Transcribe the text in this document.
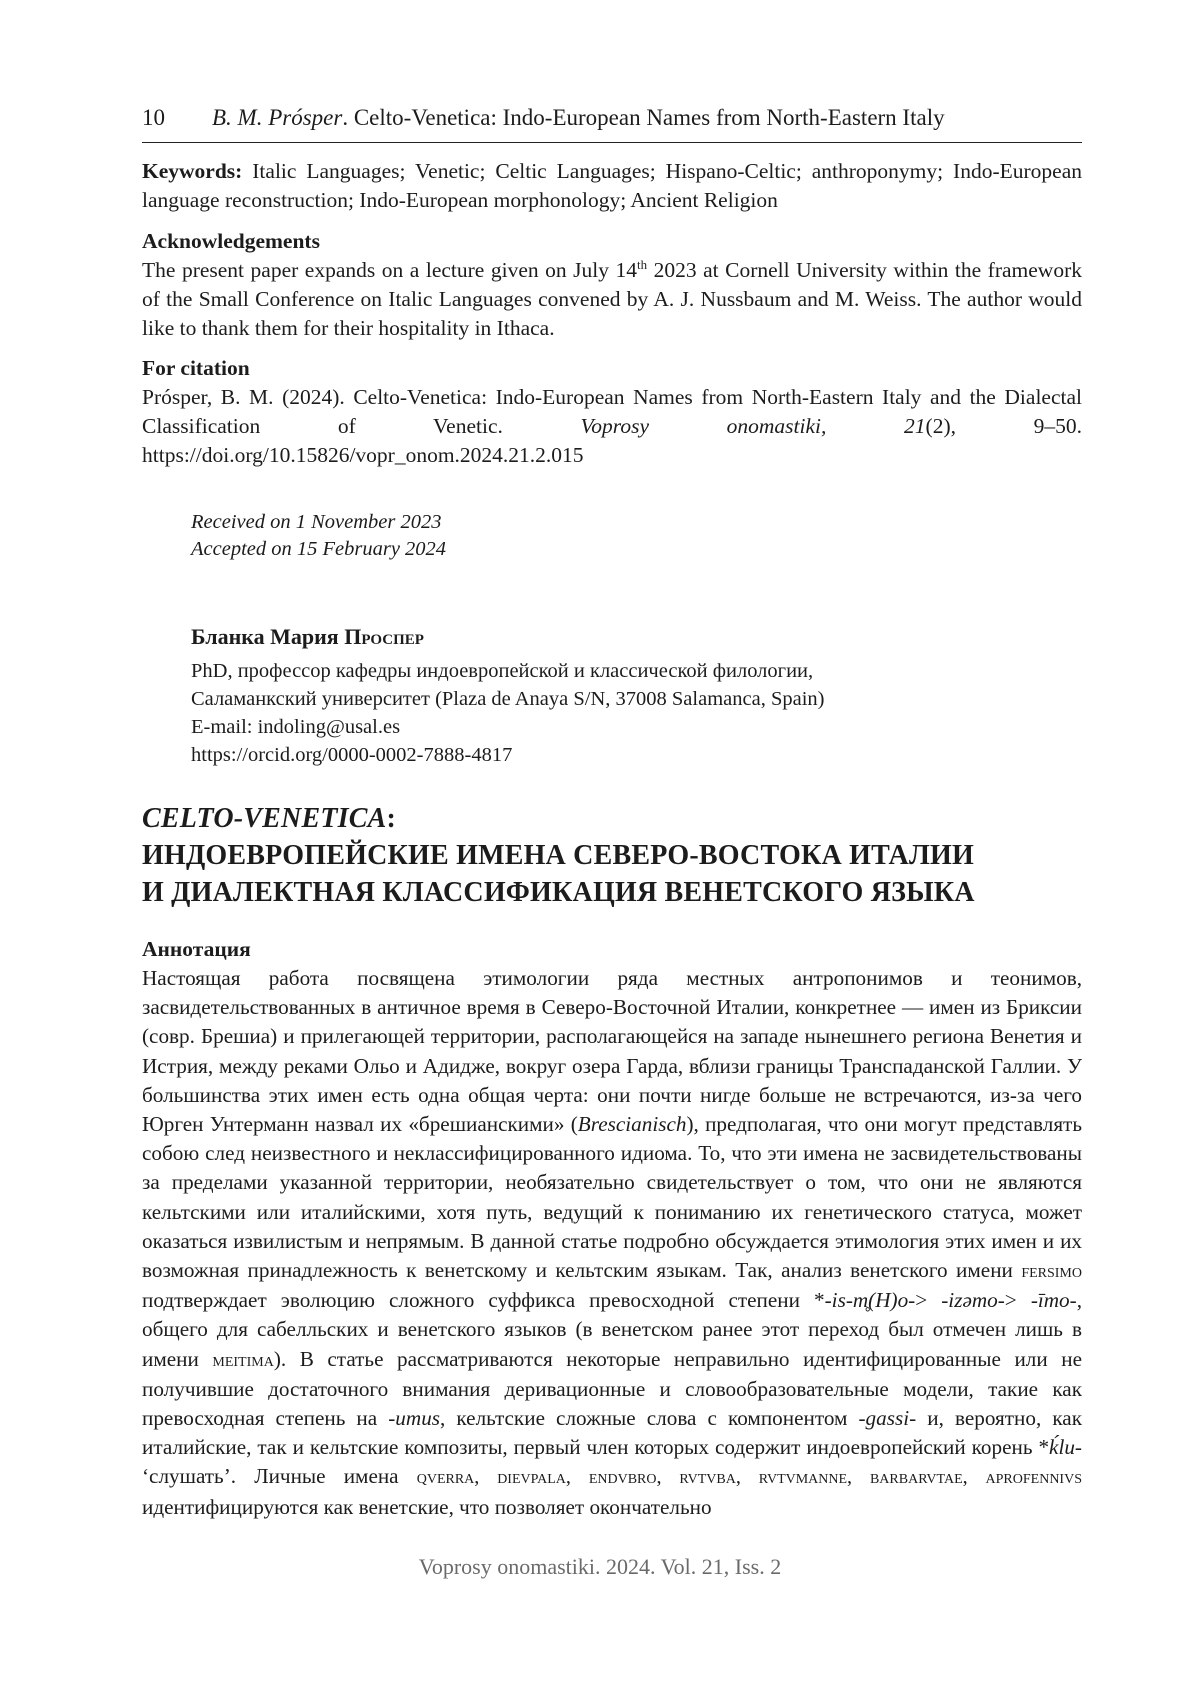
10 B. M. Prósper. Celto-Venetica: Indo-European Names from North-Eastern Italy

Keywords: Italic Languages; Venetic; Celtic Languages; Hispano-Celtic; anthroponymy; Indo-European language reconstruction; Indo-European morphonology; Ancient Religion

Acknowledgements

The present paper expands on a lecture given on July 14th 2023 at Cornell University within the framework of the Small Conference on Italic Languages convened by A. J. Nussbaum and M. Weiss. The author would like to thank them for their hospitality in Ithaca.

For citation

Prósper, B. M. (2024). Celto-Venetica: Indo-European Names from North-Eastern Italy and the Dialectal Classification of Venetic. Voprosy onomastiki, 21(2), 9–50. https://doi.org/10.15826/vopr_onom.2024.21.2.015

Received on 1 November 2023
Accepted on 15 February 2024
Бланка Мария Проспер
PhD, профессор кафедры индоевропейской и классической филологии,
Саламанкский университет (Plaza de Anaya S/N, 37008 Salamanca, Spain)
E-mail: indoling@usal.es
https://orcid.org/0000-0002-7888-4817
CELTO-VENETICA:
ИНДОЕВРОПЕЙСКИЕ ИМЕНА СЕВЕРО-ВОСТОКА ИТАЛИИ
И ДИАЛЕКТНАЯ КЛАССИФИКАЦИЯ ВЕНЕТСКОГО ЯЗЫКА

Аннотация

Настоящая работа посвящена этимологии ряда местных антропонимов и теонимов, засвидетельствованных в античное время в Северо-Восточной Италии, конкретнее — имен из Бриксии (совр. Брешиа) и прилегающей территории, располагающейся на западе нынешнего региона Венетия и Истрия, между реками Ольо и Адидже, вокруг озера Гарда, вблизи границы Транспаданской Галлии. У большинства этих имен есть одна общая черта: они почти нигде больше не встречаются, из-за чего Юрген Унтерманн назвал их «брешианскими» (Brescianisch), предполагая, что они могут представлять собою след неизвестного и неклассифицированного идиома. То, что эти имена не засвидетельствованы за пределами указанной территории, необязательно свидетельствует о том, что они не являются кельтскими или италийскими, хотя путь, ведущий к пониманию их генетического статуса, может оказаться извилистым и непрямым. В данной статье подробно обсуждается этимология этих имен и их возможная принадлежность к венетскому и кельтским языкам. Так, анализ венетского имени fersimo подтверждает эволюцию сложного суффикса превосходной степени *-is-m̥(H)o-> -izəmo-> -īmo-, общего для сабелльских и венетского языков (в венетском ранее этот переход был отмечен лишь в имени meitima). В статье рассматриваются некоторые неправильно идентифицированные или не получившие достаточного внимания деривационные и словообразовательные модели, такие как превосходная степень на -umus, кельтские сложные слова с компонентом -gassi- и, вероятно, как италийские, так и кельтские композиты, первый член которых содержит индоевропейский корень *ḱlu- ‘слушать’. Личные имена qverra, dievpala, endvbro, rvtvba, rvtvmanne, barbarvtae, aprofennivs идентифицируются как венетские, что позволяет окончательно

Voprosy onomastiki. 2024. Vol. 21, Iss. 2
